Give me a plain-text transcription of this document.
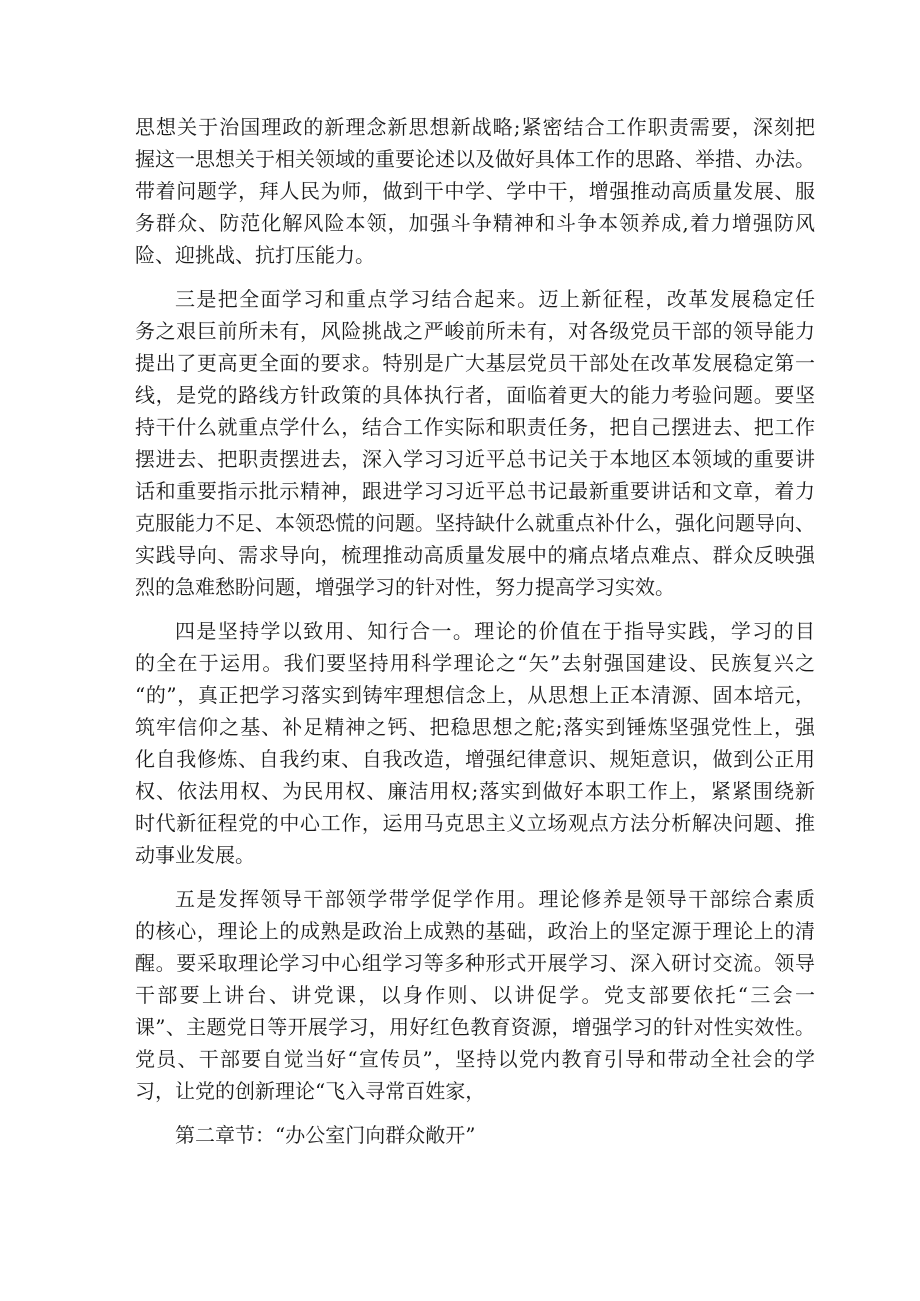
思想关于治国理政的新理念新思想新战略;紧密结合工作职责需要，深刻把
握这一思想关于相关领域的重要论述以及做好具体工作的思路、举措、办法。
带着问题学，拜人民为师，做到干中学、学中干，增强推动高质量发展、服
务群众、防范化解风险本领，加强斗争精神和斗争本领养成,着力增强防风
险、迎挑战、抗打压能力。
三是把全面学习和重点学习结合起来。迈上新征程，改革发展稳定任
务之艰巨前所未有，风险挑战之严峻前所未有，对各级党员干部的领导能力
提出了更高更全面的要求。特别是广大基层党员干部处在改革发展稳定第一
线，是党的路线方针政策的具体执行者，面临着更大的能力考验问题。要坚
持干什么就重点学什么，结合工作实际和职责任务，把自己摆进去、把工作
摆进去、把职责摆进去，深入学习习近平总书记关于本地区本领域的重要讲
话和重要指示批示精神，跟进学习习近平总书记最新重要讲话和文章，着力
克服能力不足、本领恐慌的问题。坚持缺什么就重点补什么，强化问题导向、
实践导向、需求导向，梳理推动高质量发展中的痛点堵点难点、群众反映强
烈的急难愁盼问题，增强学习的针对性，努力提高学习实效。
四是坚持学以致用、知行合一。理论的价值在于指导实践，学习的目
的全在于运用。我们要坚持用科学理论之“矢”去射强国建设、民族复兴之
“的”，真正把学习落实到铸牢理想信念上，从思想上正本清源、固本培元，
筑牢信仰之基、补足精神之钙、把稳思想之舵;落实到锤炼坚强党性上，强
化自我修炼、自我约束、自我改造，增强纪律意识、规矩意识，做到公正用
权、依法用权、为民用权、廉洁用权;落实到做好本职工作上，紧紧围绕新
时代新征程党的中心工作，运用马克思主义立场观点方法分析解决问题、推
动事业发展。
五是发挥领导干部领学带学促学作用。理论修养是领导干部综合素质
的核心，理论上的成熟是政治上成熟的基础，政治上的坚定源于理论上的清
醒。要采取理论学习中心组学习等多种形式开展学习、深入研讨交流。领导
干部要上讲台、讲党课，以身作则、以讲促学。党支部要依托“三会一
课”、主题党日等开展学习，用好红色教育资源，增强学习的针对性实效性。
党员、干部要自觉当好“宣传员”，坚持以党内教育引导和带动全社会的学
习，让党的创新理论“飞入寻常百姓家，
第二章节：“办公室门向群众敞开”
